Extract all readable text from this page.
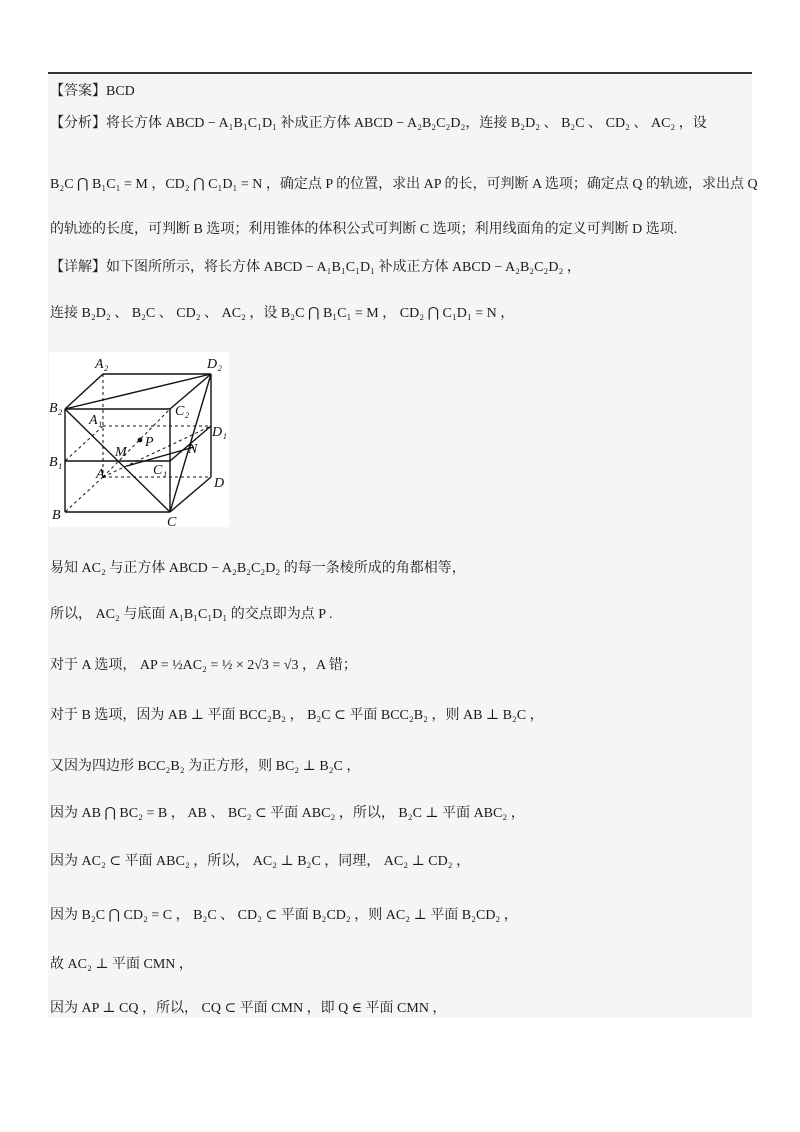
【答案】BCD
【分析】将长方体 ABCD − A₁B₁C₁D₁ 补成正方体 ABCD − A₂B₂C₂D₂，连接 B₂D₂ 、 B₂C 、 CD₂ 、 AC₂ ，设
B₂C ⋂ B₁C₁ = M ，CD₂ ⋂ C₁D₁ = N ，确定点 P 的位置，求出 AP 的长，可判断 A 选项；确定点 Q 的轨迹，求出点 Q
的轨迹的长度，可判断 B 选项；利用锥体的体积公式可判断 C 选项；利用线面角的定义可判断 D 选项.
【详解】如下图所所示，将长方体 ABCD − A₁B₁C₁D₁ 补成正方体 ABCD − A₂B₂C₂D₂ ，
连接 B₂D₂ 、 B₂C 、 CD₂ 、 AC₂ ，设 B₂C ⋂ B₁C₁ = M ， CD₂ ⋂ C₁D₁ = N ，
A₂	D₂
B₂	C₂
A₁
D₁
M
P N
B₁
C₁
A
D
B	C
易知 AC₂ 与正方体 ABCD − A₂B₂C₂D₂ 的每一条棱所成的角都相等，
所以， AC₂ 与底面 A₁B₁C₁D₁ 的交点即为点 P .
对于 A 选项， AP = ½AC₂ = ½ × 2√3 = √3 ，A 错；
对于 B 选项，因为 AB ⊥ 平面 BCC₂B₂ ， B₂C ⊂ 平面 BCC₂B₂ ，则 AB ⊥ B₂C ，
又因为四边形 BCC₂B₂ 为正方形，则 BC₂ ⊥ B₂C ，
因为 AB ⋂ BC₂ = B ， AB 、 BC₂ ⊂ 平面 ABC₂ ，所以， B₂C ⊥ 平面 ABC₂ ，
因为 AC₂ ⊂ 平面 ABC₂ ，所以， AC₂ ⊥ B₂C ，同理， AC₂ ⊥ CD₂ ，
因为 B₂C ⋂ CD₂ = C ， B₂C 、 CD₂ ⊂ 平面 B₂CD₂ ，则 AC₂ ⊥ 平面 B₂CD₂ ，
故 AC₂ ⊥ 平面 CMN ，
因为 AP ⊥ CQ ，所以， CQ ⊂ 平面 CMN ，即 Q ∈ 平面 CMN ，
